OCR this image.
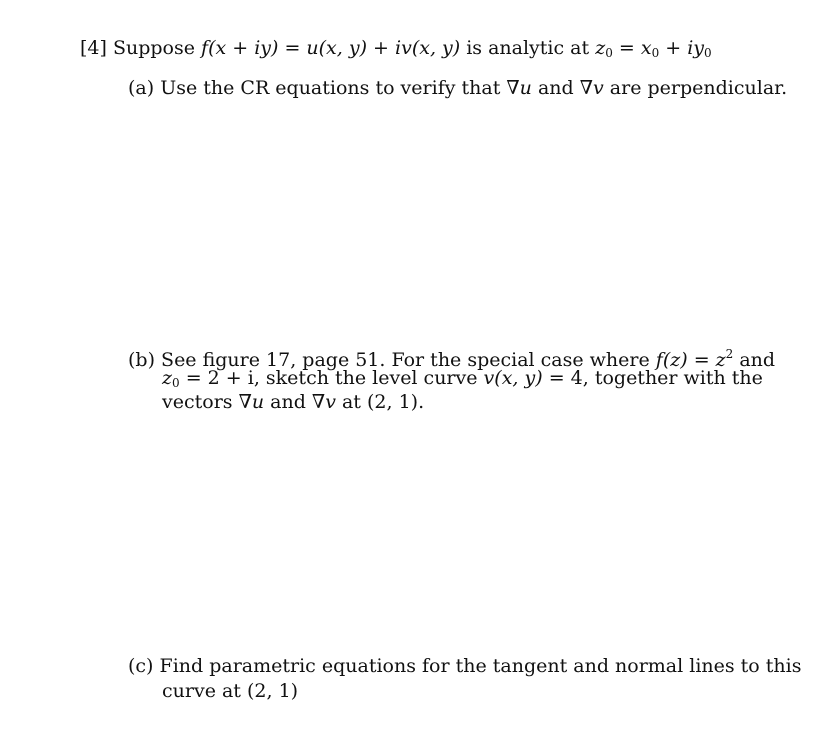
[4] Suppose f(x + iy) = u(x, y) + iv(x, y) is analytic at $z_0 = x_0 + iy_0$
(a) Use the CR equations to verify that ∇u and ∇v are perpendicular.
(b) See figure 17, page 51. For the special case where $f(z) = z^2$ and
$z_0 = 2 + i$, sketch the level curve v(x, y) = 4, together with the
vectors ∇u and ∇v at (2, 1).
(c) Find parametric equations for the tangent and normal lines to this
curve at (2, 1)
